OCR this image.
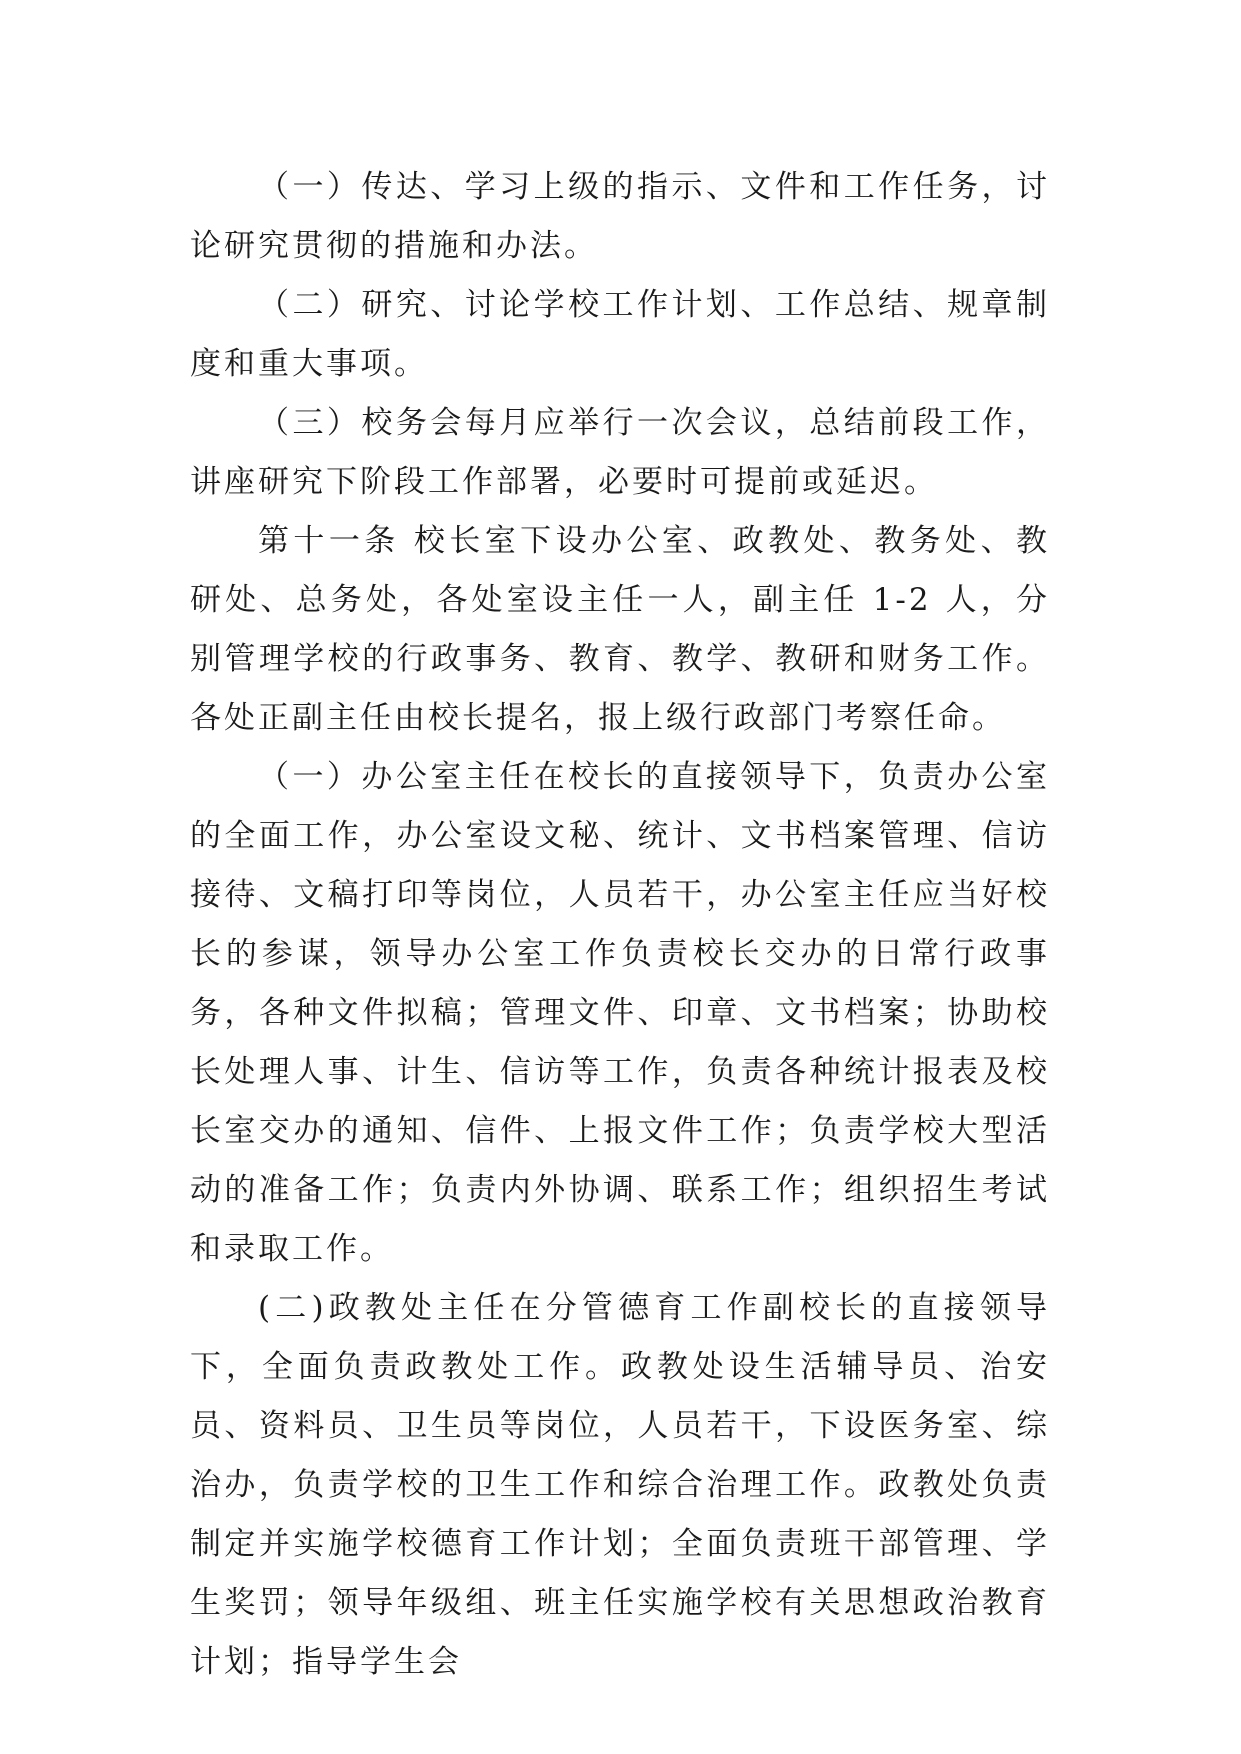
（一）传达、学习上级的指示、文件和工作任务，讨论研究贯彻的措施和办法。

（二）研究、讨论学校工作计划、工作总结、规章制度和重大事项。

（三）校务会每月应举行一次会议，总结前段工作，讲座研究下阶段工作部署，必要时可提前或延迟。

第十一条 校长室下设办公室、政教处、教务处、教研处、总务处，各处室设主任一人，副主任 1-2 人，分别管理学校的行政事务、教育、教学、教研和财务工作。各处正副主任由校长提名，报上级行政部门考察任命。

（一）办公室主任在校长的直接领导下，负责办公室的全面工作，办公室设文秘、统计、文书档案管理、信访接待、文稿打印等岗位，人员若干，办公室主任应当好校长的参谋，领导办公室工作负责校长交办的日常行政事务，各种文件拟稿；管理文件、印章、文书档案；协助校长处理人事、计生、信访等工作，负责各种统计报表及校长室交办的通知、信件、上报文件工作；负责学校大型活动的准备工作；负责内外协调、联系工作；组织招生考试和录取工作。

(二)政教处主任在分管德育工作副校长的直接领导下，全面负责政教处工作。政教处设生活辅导员、治安员、资料员、卫生员等岗位，人员若干，下设医务室、综治办，负责学校的卫生工作和综合治理工作。政教处负责制定并实施学校德育工作计划；全面负责班干部管理、学生奖罚；领导年级组、班主任实施学校有关思想政治教育计划；指导学生会
